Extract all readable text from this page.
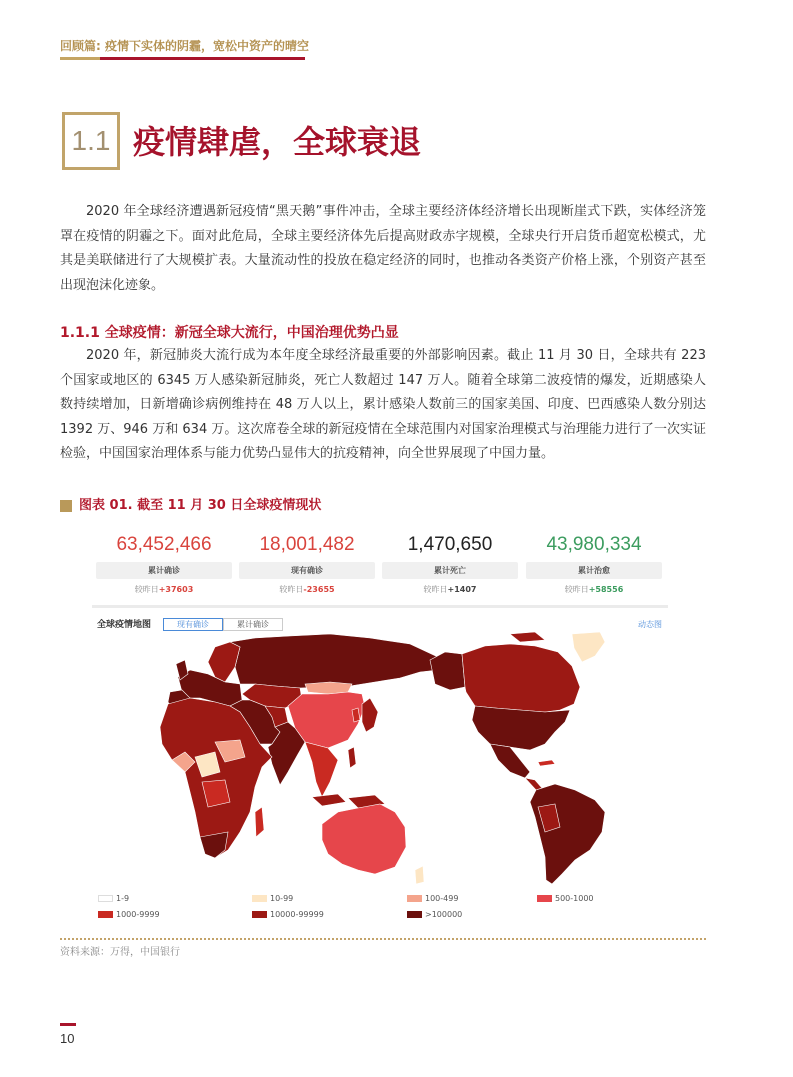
回顾篇: 疫情下实体的阴霾，宽松中资产的晴空
1.1 疫情肆虐，全球衰退
2020 年全球经济遭遇新冠疫情“黑天鹅”事件冲击，全球主要经济体经济增长出现断崖式下跌，实体经济笼罩在疫情的阴霾之下。面对此危局，全球主要经济体先后提高财政赤字规模，全球央行开启货币超宽松模式，尤其是美联储进行了大规模扩表。大量流动性的投放在稳定经济的同时，也推动各类资产价格上涨，个别资产甚至出现泡沫化迹象。
1.1.1 全球疫情：新冠全球大流行，中国治理优势凸显
2020 年，新冠肺炎大流行成为本年度全球经济最重要的外部影响因素。截止 11 月 30 日，全球共有 223 个国家或地区的 6345 万人感染新冠肺炎，死亡人数超过 147 万人。随着全球第二波疫情的爆发，近期感染人数持续增加，日新增确诊病例维持在 48 万人以上，累计感染人数前三的国家美国、印度、巴西感染人数分别达 1392 万、946 万和 634 万。这次席卷全球的新冠疫情在全球范围内对国家治理模式与治理能力进行了一次实证检验，中国国家治理体系与能力优势凸显伟大的抗疫精神，向全世界展现了中国力量。
图表 01. 截至 11 月 30 日全球疫情现状
63,452,466
累计确诊
较昨日+37603
18,001,482
现有确诊
较昨日-23655
1,470,650
累计死亡
较昨日+1407
43,980,334
累计治愈
较昨日+58556
全球疫情地图	现有确诊	累计确诊	动态图
1-9	10-99	100-499	500-1000
1000-9999	10000-99999	>100000
资料来源：万得，中国银行
10
